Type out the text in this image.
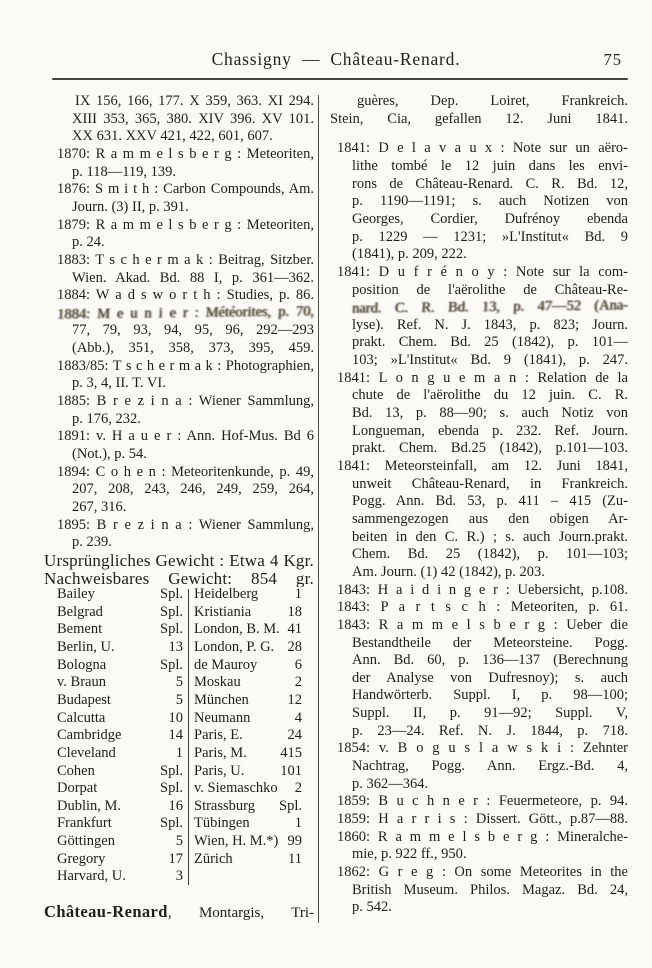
Chassigny — Château-Renard.	75
IX 156, 166, 177. X 359, 363. XI 294.
XIII 353, 365, 380. XIV 396. XV 101.
XX 631. XXV 421, 422, 601, 607.
1870: R a m m e l s b e r g : Meteoriten,
p. 118—119, 139.
1876: S m i t h : Carbon Compounds, Am.
Journ. (3) II, p. 391.
1879: R a m m e l s b e r g : Meteoriten,
p. 24.
1883: T s c h e r m a k : Beitrag, Sitzber.
Wien. Akad. Bd. 88 I, p. 361—362.
1884: W a d s w o r t h : Studies, p. 86.
1884: M e u n i e r : Météorites, p. 70,
77, 79, 93, 94, 95, 96, 292—293
(Abb.), 351, 358, 373, 395, 459.
1883/85: T s c h e r m a k : Photographien,
p. 3, 4, II. T. VI.
1885: B r e z i n a : Wiener Sammlung,
p. 176, 232.
1891: v. H a u e r : Ann. Hof-Mus. Bd 6
(Not.), p. 54.
1894: C o h e n : Meteoritenkunde, p. 49,
207, 208, 243, 246, 249, 259, 264,
267, 316.
1895: B r e z i n a : Wiener Sammlung,
p. 239.
Ursprüngliches Gewicht : Etwa 4 Kgr.
Nachweisbares Gewicht: 854 gr.
guères, Dep. Loiret, Frankreich.
Stein, Cia, gefallen 12. Juni 1841.
1841: D e l a v a u x : Note sur un aëro-
lithe tombé le 12 juin dans les envi-
rons de Château-Renard. C. R. Bd. 12,
p. 1190—1191; s. auch Notizen von
Georges, Cordier, Dufrénoy ebenda
p. 1229 — 1231; »L'Institut« Bd. 9
(1841), p. 209, 222.
1841: D u f r é n o y : Note sur la com-
position de l'aërolithe de Château-Re-
nard. C. R. Bd. 13, p. 47—52 (Ana-
lyse). Ref. N. J. 1843, p. 823; Journ.
prakt. Chem. Bd. 25 (1842), p. 101—
103; »L'Institut« Bd. 9 (1841), p. 247.
1841: L o n g u e m a n : Relation de la
chute de l'aërolithe du 12 juin. C. R.
Bd. 13, p. 88—90; s. auch Notiz von
Longueman, ebenda p. 232. Ref. Journ.
prakt. Chem. Bd.25 (1842), p.101—103.
1841: Meteorsteinfall, am 12. Juni 1841,
unweit Château-Renard, in Frankreich.
Pogg. Ann. Bd. 53, p. 411 – 415 (Zu-
sammengezogen aus den obigen Ar-
beiten in den C. R.) ; s. auch Journ.prakt.
Chem. Bd. 25 (1842), p. 101—103;
Am. Journ. (1) 42 (1842), p. 203.
1843: H a i d i n g e r : Uebersicht, p.108.
1843: P a r t s c h : Meteoriten, p. 61.
1843: R a m m e l s b e r g : Ueber die
Bestandtheile der Meteorsteine. Pogg.
Ann. Bd. 60, p. 136—137 (Berechnung
der Analyse von Dufresnoy); s. auch
Handwörterb. Suppl. I, p. 98—100;
Suppl. II, p. 91—92; Suppl. V,
p. 23—24. Ref. N. J. 1844, p. 718.
1854: v. B o g u s l a w s k i : Zehnter
Nachtrag, Pogg. Ann. Ergz.-Bd. 4,
p. 362—364.
1859: B u c h n e r : Feuermeteore, p. 94.
1859: H a r r i s : Dissert. Gött., p.87—88.
1860: R a m m e l s b e r g : Mineralche-
mie, p. 922 ff., 950.
1862: G r e g : On some Meteorites in the
British Museum. Philos. Magaz. Bd. 24,
p. 542.
Bailey	Spl. Heidelberg	1
Belgrad	Spl. Kristiania	18
Bement	Spl. London, B. M. 41
Berlin, U.	13 London, P. G. 28
Bologna	Spl. de Mauroy	6
v. Braun	5 Moskau	2
Budapest	5 München	12
Calcutta	10 Neumann	4
Cambridge	14 Paris, E.	24
Cleveland	1 Paris, M.	415
Cohen	Spl. Paris, U.	101
Dorpat	Spl. v. Siemaschko	2
Dublin, M.	16 Strassburg	Spl.
Frankfurt	Spl. Tübingen	1
Göttingen	5 Wien, H. M.*) 99
Gregory	17 Zürich	11
Harvard, U.	3
Château-Renard, Montargis, Tri-
